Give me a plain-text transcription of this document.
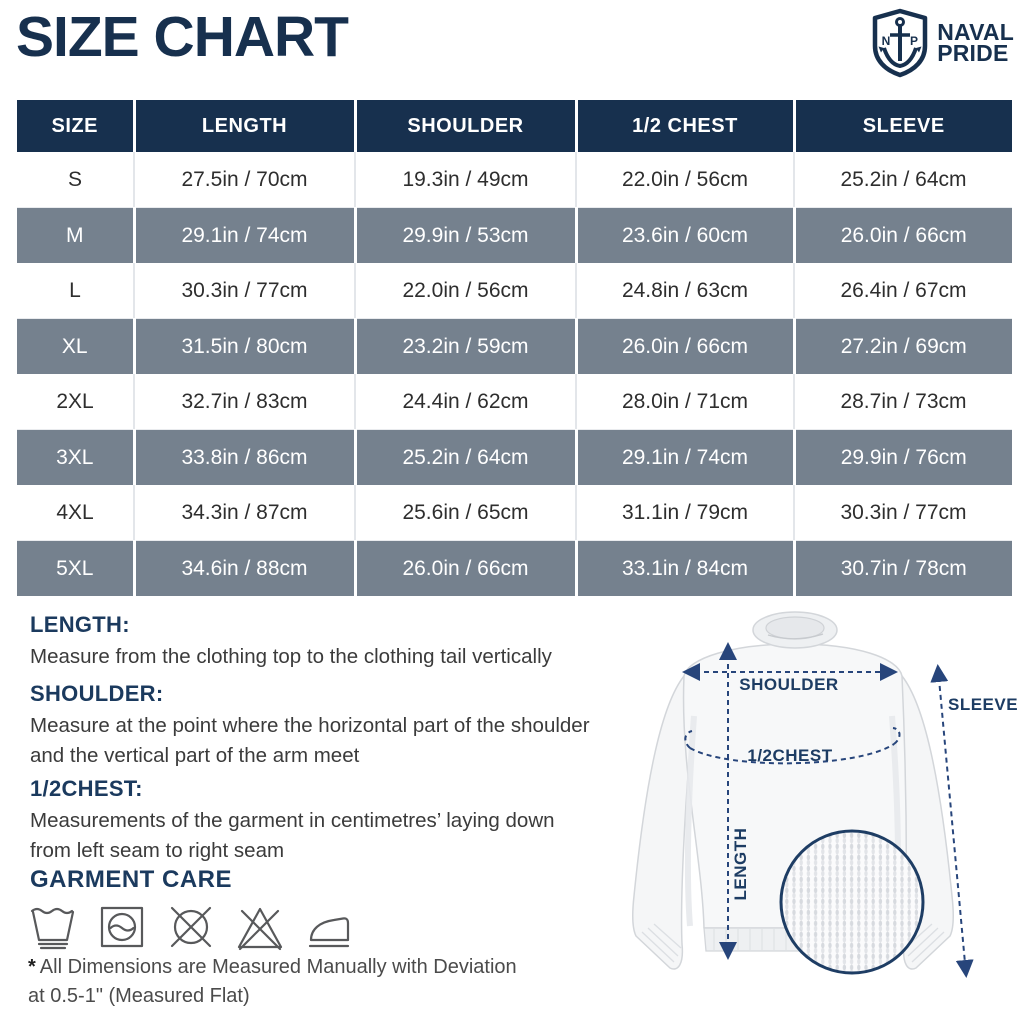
SIZE CHART	N P NAVAL
PRIDE
SIZE	LENGTH	SHOULDER	1/2 CHEST	SLEEVE
S	27.5in / 70cm	19.3in / 49cm	22.0in / 56cm	25.2in / 64cm
M	29.1in / 74cm	29.9in / 53cm	23.6in / 60cm	26.0in / 66cm
L	30.3in / 77cm	22.0in / 56cm	24.8in / 63cm	26.4in / 67cm
XL	31.5in / 80cm	23.2in / 59cm	26.0in / 66cm	27.2in / 69cm
2XL	32.7in / 83cm	24.4in / 62cm	28.0in / 71cm	28.7in / 73cm
3XL	33.8in / 86cm	25.2in / 64cm	29.1in / 74cm	29.9in / 76cm
4XL	34.3in / 87cm	25.6in / 65cm	31.1in / 79cm	30.3in / 77cm
5XL	34.6in / 88cm	26.0in / 66cm	33.1in / 84cm	30.7in / 78cm
LENGTH:
Measure from the clothing top to the clothing tail vertically
SHOULDER:
Measure at the point where the horizontal part of the shoulder and the vertical part of the arm meet
1/2CHEST:
Measurements of the garment in centimetres’ laying down from left seam to right seam
GARMENT CARE
* All Dimensions are Measured Manually with Deviation
at 0.5-1" (Measured Flat)
SHOULDER
1/2CHEST
LENGTH
SLEEVE
